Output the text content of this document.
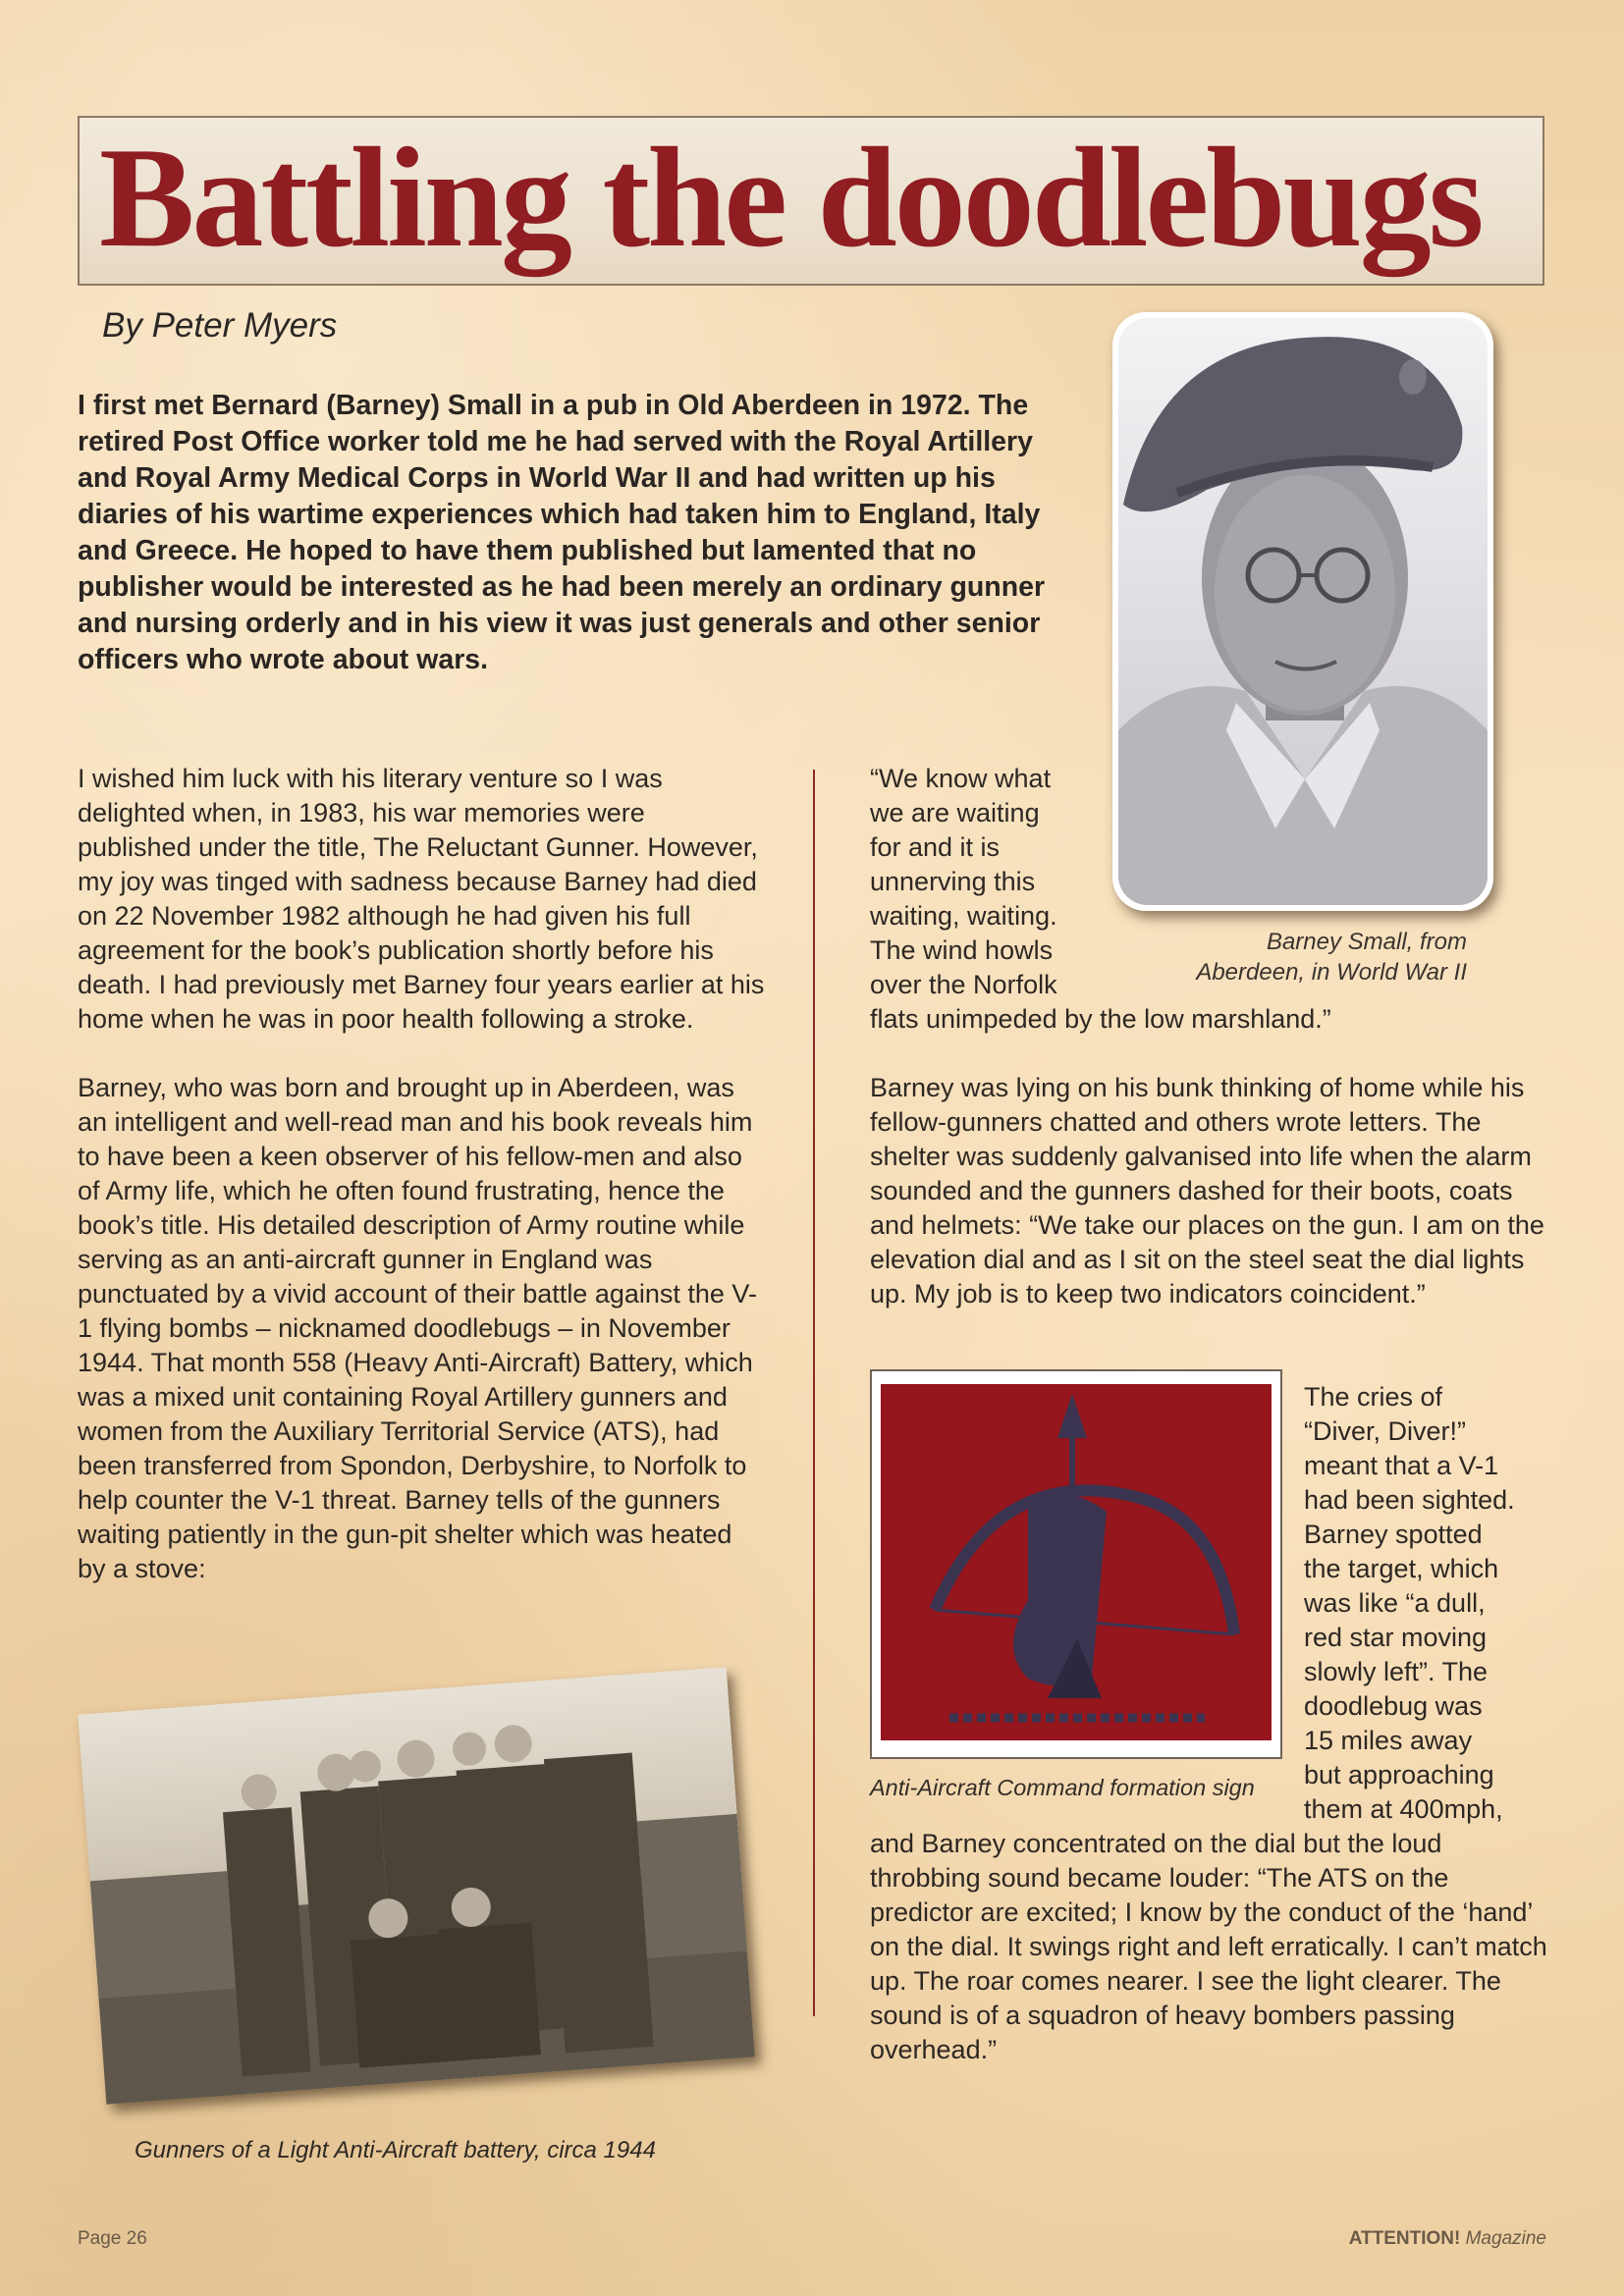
Battling the doodlebugs
By Peter Myers

I first met Bernard (Barney) Small in a pub in Old Aberdeen in 1972. The retired Post Office worker told me he had served with the Royal Artillery and Royal Army Medical Corps in World War II and had written up his diaries of his wartime experiences which had taken him to England, Italy and Greece. He hoped to have them published but lamented that no publisher would be interested as he had been merely an ordinary gunner and nursing orderly and in his view it was just generals and other senior officers who wrote about wars.

I wished him luck with his literary venture so I was delighted when, in 1983, his war memories were published under the title, The Reluctant Gunner. However, my joy was tinged with sadness because Barney had died on 22 November 1982 although he had given his full agreement for the book’s publication shortly before his death. I had previously met Barney four years earlier at his home when he was in poor health following a stroke.

Barney, who was born and brought up in Aberdeen, was an intelligent and well-read man and his book reveals him to have been a keen observer of his fellow-men and also of Army life, which he often found frustrating, hence the book’s title. His detailed description of Army routine while serving as an anti-aircraft gunner in England was punctuated by a vivid account of their battle against the V-1 flying bombs – nicknamed doodlebugs – in November 1944. That month 558 (Heavy Anti-Aircraft) Battery, which was a mixed unit containing Royal Artillery gunners and women from the Auxiliary Territorial Service (ATS), had been transferred from Spondon, Derbyshire, to Norfolk to help counter the V-1 threat. Barney tells of the gunners waiting patiently in the gun-pit shelter which was heated by a stove:

“We know what
we are waiting
for and it is
unnerving this
waiting, waiting.
The wind howls
over the Norfolk
flats unimpeded by the low marshland.”

Barney was lying on his bunk thinking of home while his fellow-gunners chatted and others wrote letters. The shelter was suddenly galvanised into life when the alarm sounded and the gunners dashed for their boots, coats and helmets: “We take our places on the gun. I am on the elevation dial and as I sit on the steel seat the dial lights up. My job is to keep two indicators coincident.”

Barney Small, from
Aberdeen, in World War II
Anti-Aircraft Command formation sign
The cries of
“Diver, Diver!”
meant that a V-1
had been sighted.
Barney spotted
the target, which
was like “a dull,
red star moving
slowly left”. The
doodlebug was
15 miles away
but approaching
them at 400mph,

and Barney concentrated on the dial but the loud throbbing sound became louder: “The ATS on the predictor are excited; I know by the conduct of the ‘hand’ on the dial. It swings right and left erratically. I can’t match up. The roar comes nearer. I see the light clearer. The sound is of a squadron of heavy bombers passing overhead.”

Gunners of a Light Anti-Aircraft battery, circa 1944
Page 26	ATTENTION! Magazine
